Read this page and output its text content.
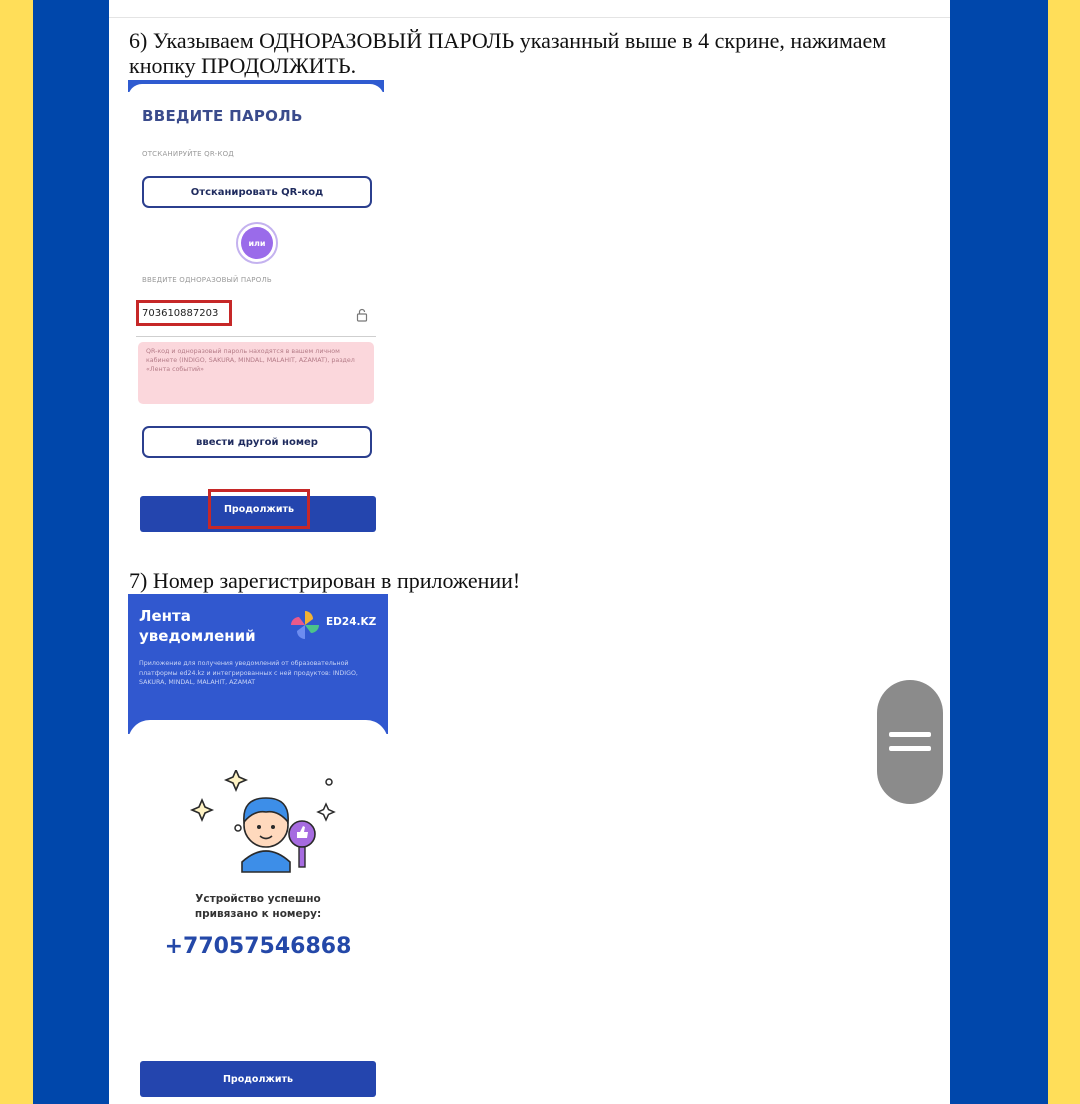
6) Указываем ОДНОРАЗОВЫЙ ПАРОЛЬ указанный выше в 4 скрине, нажимаем кнопку ПРОДОЛЖИТЬ.

ВВЕДИТЕ ПАРОЛЬ
ОТСКАНИРУЙТЕ QR-КОД
Отсканировать QR-код
или
ВВЕДИТЕ ОДНОРАЗОВЫЙ ПАРОЛЬ
703610887203
QR-код и одноразовый пароль находятся в вашем личном кабинете (INDIGO, SAKURA, MINDAL, MALAHIT, AZAMAT), раздел «Лента событий»
ввести другой номер
Продолжить

7) Номер зарегистрирован в приложении!

Лента
уведомлений
ED24.KZ
Приложение для получения уведомлений от образовательной платформы ed24.kz и интегрированных с ней продуктов: INDIGO, SAKURA, MINDAL, MALAHIT, AZAMAT
Устройство успешно
привязано к номеру:
+77057546868
Продолжить
